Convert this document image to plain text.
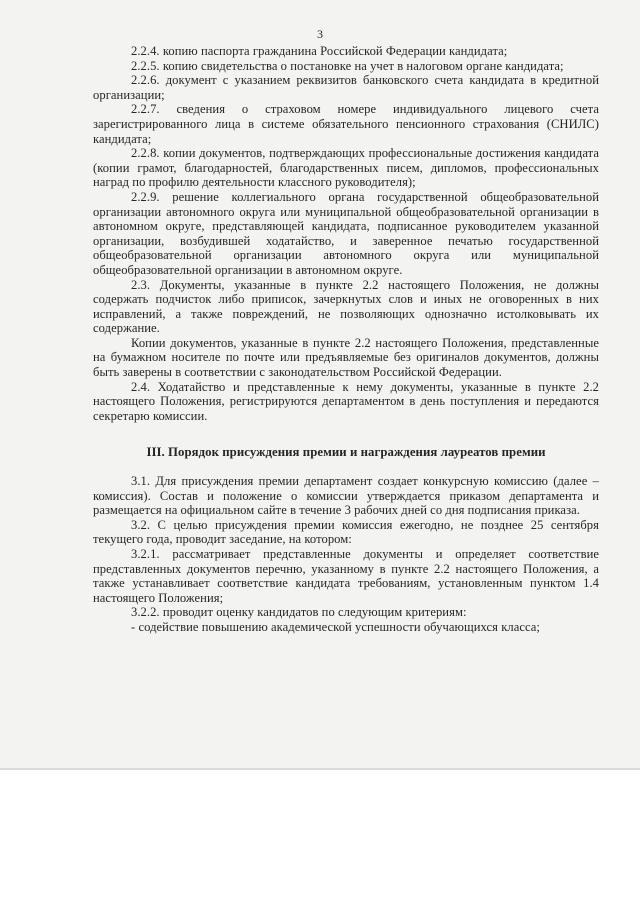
3

2.2.4. копию паспорта гражданина Российской Федерации кандидата;

2.2.5. копию свидетельства о постановке на учет в налоговом органе кандидата;

2.2.6. документ с указанием реквизитов банковского счета кандидата в кредитной организации;

2.2.7. сведения о страховом номере индивидуального лицевого счета зарегистрированного лица в системе обязательного пенсионного страхования (СНИЛС) кандидата;

2.2.8. копии документов, подтверждающих профессиональные достижения кандидата (копии грамот, благодарностей, благодарственных писем, дипломов, профессиональных наград по профилю деятельности классного руководителя);

2.2.9. решение коллегиального органа государственной общеобразовательной организации автономного округа или муниципальной общеобразовательной организации в автономном округе, представляющей кандидата, подписанное руководителем указанной организации, возбудившей ходатайство, и заверенное печатью государственной общеобразовательной организации автономного округа или муниципальной общеобразовательной организации в автономном округе.

2.3. Документы, указанные в пункте 2.2 настоящего Положения, не должны содержать подчисток либо приписок, зачеркнутых слов и иных не оговоренных в них исправлений, а также повреждений, не позволяющих однозначно истолковывать их содержание.

Копии документов, указанные в пункте 2.2 настоящего Положения, представленные на бумажном носителе по почте или предъявляемые без оригиналов документов, должны быть заверены в соответствии с законодательством Российской Федерации.

2.4. Ходатайство и представленные к нему документы, указанные в пункте 2.2 настоящего Положения, регистрируются департаментом в день поступления и передаются секретарю комиссии.

III. Порядок присуждения премии и награждения лауреатов премии

3.1. Для присуждения премии департамент создает конкурсную комиссию (далее – комиссия). Состав и положение о комиссии утверждается приказом департамента и размещается на официальном сайте в течение 3 рабочих дней со дня подписания приказа.

3.2. С целью присуждения премии комиссия ежегодно, не позднее 25 сентября текущего года, проводит заседание, на котором:

3.2.1. рассматривает представленные документы и определяет соответствие представленных документов перечню, указанному в пункте 2.2 настоящего Положения, а также устанавливает соответствие кандидата требованиям, установленным пунктом 1.4 настоящего Положения;

3.2.2. проводит оценку кандидатов по следующим критериям:

- содействие повышению академической успешности обучающихся класса;
